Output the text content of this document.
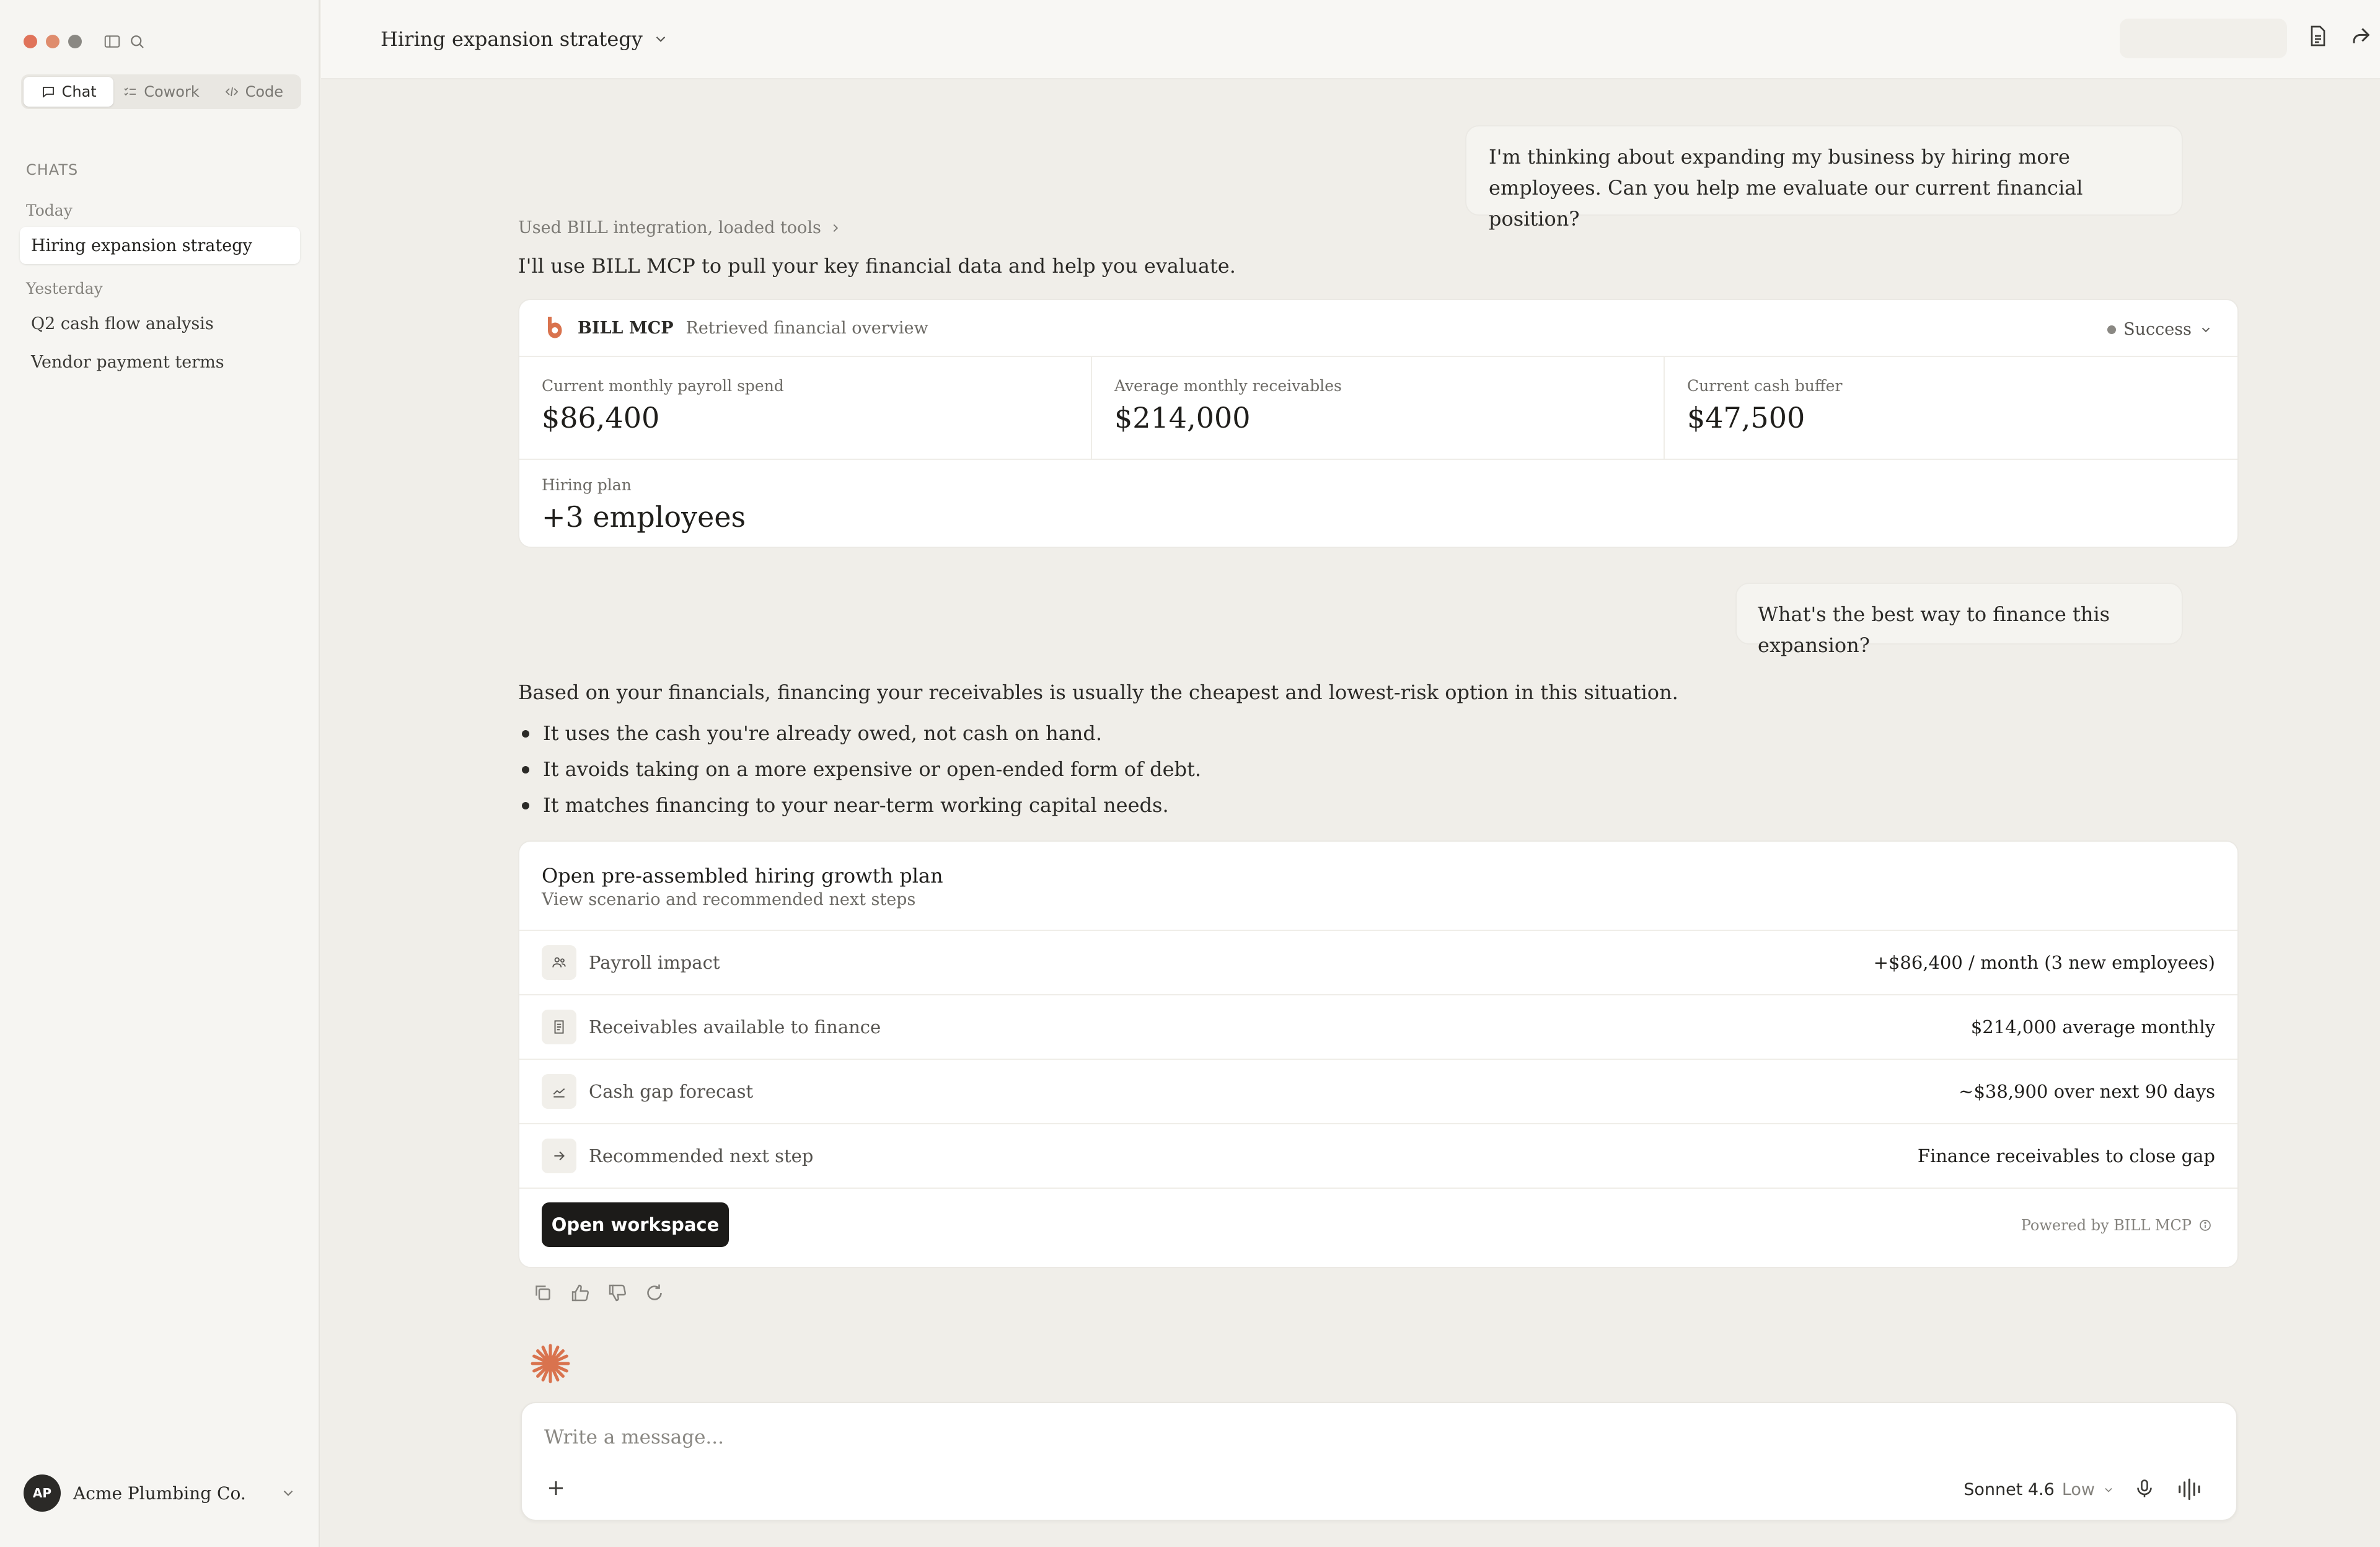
Chat	Cowork	Code
CHATS
Today
Hiring expansion strategy
Yesterday
Q2 cash flow analysis
Vendor payment terms
AP	Acme Plumbing Co.
Hiring expansion strategy
I'm thinking about expanding my business by hiring more employees. Can you help me evaluate our current financial position?
Used BILL integration, loaded tools
I'll use BILL MCP to pull your key financial data and help you evaluate.
BILL MCP Retrieved financial overview	Success
Current monthly payroll spend
$86,400
Average monthly receivables
$214,000
Current cash buffer
$47,500
Hiring plan
+3 employees
What's the best way to finance this expansion?
Based on your financials, financing your receivables is usually the cheapest and lowest-risk option in this situation.
It uses the cash you're already owed, not cash on hand.
It avoids taking on a more expensive or open-ended form of debt.
It matches financing to your near-term working capital needs.
Open pre-assembled hiring growth plan
View scenario and recommended next steps
Payroll impact	+$86,400 / month (3 new employees)
Receivables available to finance	$214,000 average monthly
Cash gap forecast	~$38,900 over next 90 days
Recommended next step	Finance receivables to close gap
Open workspace	Powered by BILL MCP
Write a message...
Sonnet 4.6 Low
